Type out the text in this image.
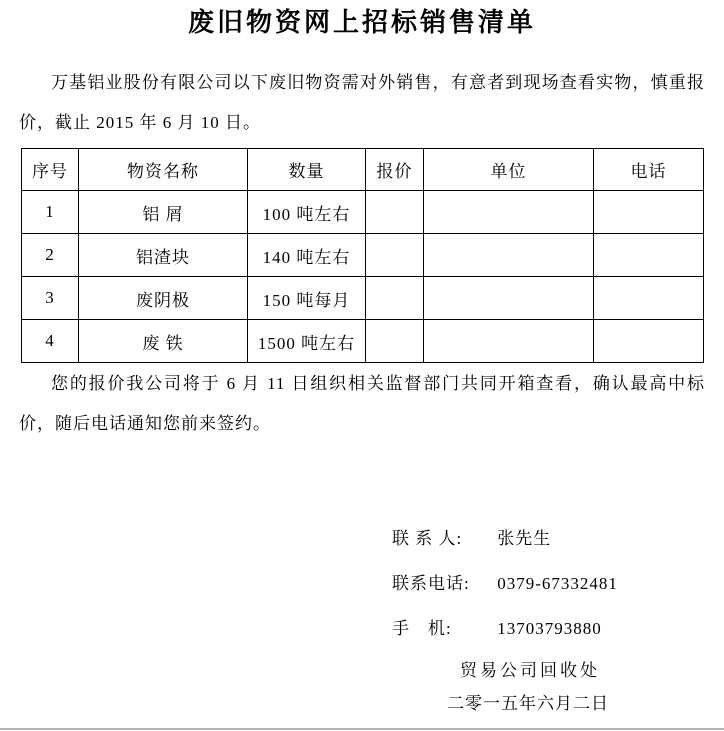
废旧物资网上招标销售清单

万基铝业股份有限公司以下废旧物资需对外销售，有意者到现场查看实物，慎重报价，截止 2015 年 6 月 10 日。

序号	物资名称	数量	报价	单位	电话
1	铝 屑	100 吨左右			
2	铝渣块	140 吨左右			
3	废阴极	150 吨每月			
4	废 铁	1500 吨左右			

您的报价我公司将于 6 月 11 日组织相关监督部门共同开箱查看，确认最高中标价，随后电话通知您前来签约。

联 系 人: 张先生
联系电话: 0379-67332481
手　机:	13703793880
贸易公司回收处
二零一五年六月二日
